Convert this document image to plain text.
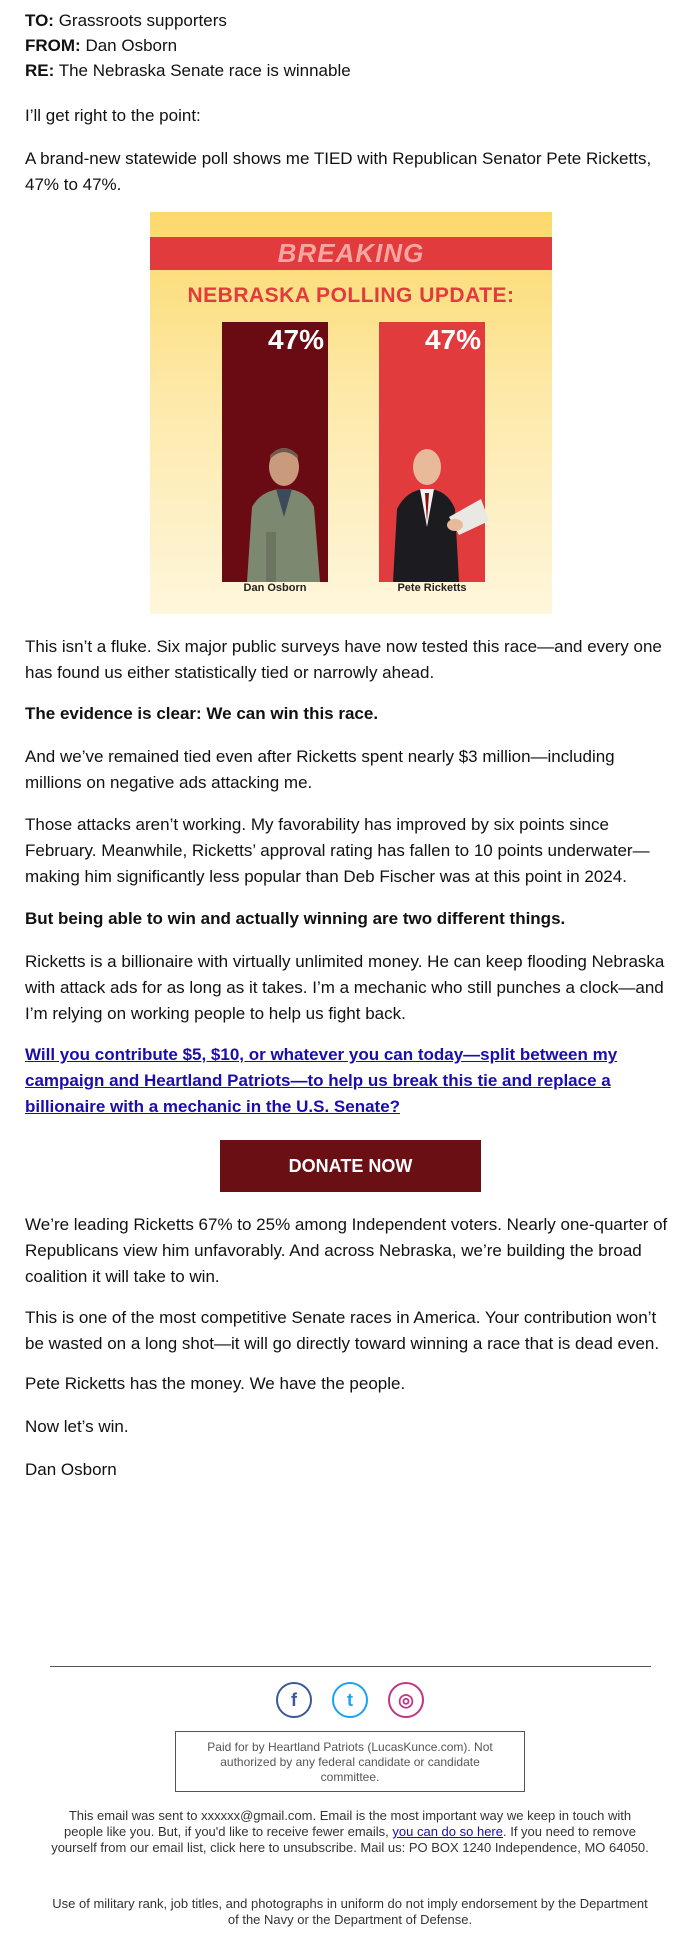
TO: Grassroots supporters
FROM: Dan Osborn
RE: The Nebraska Senate race is winnable
I’ll get right to the point:
A brand-new statewide poll shows me TIED with Republican Senator Pete Ricketts, 47% to 47%.
BREAKING
NEBRASKA POLLING UPDATE:
47%	47%
Dan Osborn	Pete Ricketts
This isn’t a fluke. Six major public surveys have now tested this race—and every one has found us either statistically tied or narrowly ahead.
The evidence is clear: We can win this race.
And we’ve remained tied even after Ricketts spent nearly $3 million—including millions on negative ads attacking me.
Those attacks aren’t working. My favorability has improved by six points since February. Meanwhile, Ricketts’ approval rating has fallen to 10 points underwater—making him significantly less popular than Deb Fischer was at this point in 2024.
But being able to win and actually winning are two different things.
Ricketts is a billionaire with virtually unlimited money. He can keep flooding Nebraska with attack ads for as long as it takes. I’m a mechanic who still punches a clock—and I’m relying on working people to help us fight back.
Will you contribute $5, $10, or whatever you can today—split between my campaign and Heartland Patriots—to help us break this tie and replace a billionaire with a mechanic in the U.S. Senate?
DONATE NOW
We’re leading Ricketts 67% to 25% among Independent voters. Nearly one-quarter of Republicans view him unfavorably. And across Nebraska, we’re building the broad coalition it will take to win.
This is one of the most competitive Senate races in America. Your contribution won’t be wasted on a long shot—it will go directly toward winning a race that is dead even.
Pete Ricketts has the money. We have the people.
Now let’s win.
Dan Osborn
f	t	◎
Paid for by Heartland Patriots (LucasKunce.com). Not authorized by any federal candidate or candidate committee.
This email was sent to xxxxxx@gmail.com. Email is the most important way we keep in touch with people like you. But, if you'd like to receive fewer emails, you can do so here. If you need to remove yourself from our email list, click here to unsubscribe. Mail us: PO BOX 1240 Independence, MO 64050.
Use of military rank, job titles, and photographs in uniform do not imply endorsement by the Department of the Navy or the Department of Defense.
